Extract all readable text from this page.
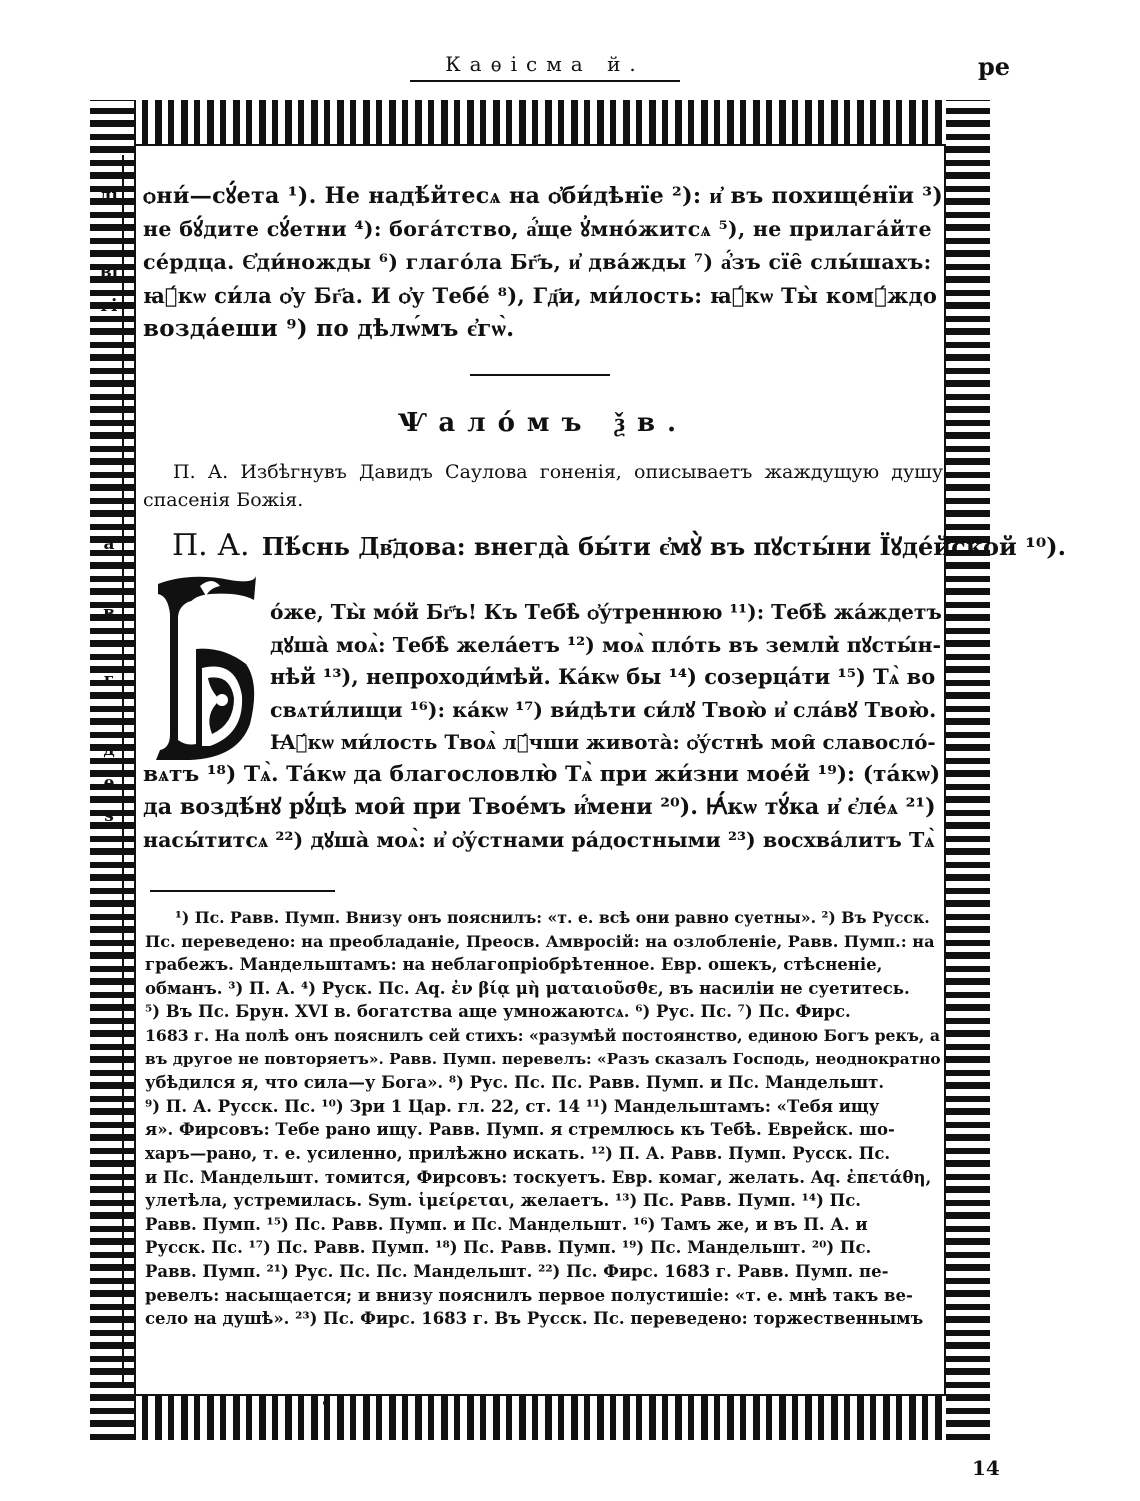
Каѳісма й.	ре
ді
ві
гі
а
в
г
д
е
ѕ
ѻни́—сꙋ́ета ¹). Не надѣ́йтесѧ на ѻ҆би́дѣнїе ²): и҆ въ похище́нїи ³)
не бꙋ́дите сꙋ́етни ⁴): бога́тство, а҆́ще ꙋ҆мно́житсѧ ⁵), не прилага́йте
се́рдца. Є҆ди́ножды ⁶) глаго́ла Бг҃ъ, и҆ два́жды ⁷) а҆́зъ сїе̑ слы́шахъ:
ꙗ҆́кѡ си́ла ѻ҆у Бг҃а. И ѻ҆у Тебе́ ⁸), Гд҃и, ми́лость: ꙗ҆́кѡ Ты̀ комꙋ́ждо
возда́еши ⁹) по дѣлѡ́мъ є҆гѡ̀.
Ѱало́мъ ѯв.
П. А. Избѣгнувъ Давидъ Саулова гоненія, описываетъ жаждущую душу спасенія Божія.
П. А. Пѣ́снь Дв҃дова: внегда̀ бы́ти є҆мꙋ̀ въ пꙋсты́ни Їꙋде́йской ¹⁰).
о́же, Ты̀ мо́й Бг҃ъ! Къ Тебѣ̀ ѻ҆у́треннюю ¹¹): Тебѣ̀ жа́ждетъ
дꙋша̀ моѧ̀: Тебѣ̀ жела́етъ ¹²) моѧ̀ пло́ть въ земли̇̀ пꙋсты́н-
нѣй ¹³), непроходи́мѣй. Ка́кѡ бы ¹⁴) созерца́ти ¹⁵) Тѧ̀ во
свѧти́лищи ¹⁶): ка́кѡ ¹⁷) ви́дѣти си́лꙋ Твою̀ и҆ сла́вꙋ Твою̀.
Ꙗ҆́кѡ ми́лость Твоѧ̀ лꙋ́чши живота̀: ѻ҆у́стнѣ мои̑ славосло́-
вѧтъ ¹⁸) Тѧ̀. Та́кѡ да благословлю̀ Тѧ̀ при жи́зни мое́й ¹⁹): (та́кѡ)
да воздѣ́нꙋ рꙋ́цѣ мои̑ при Твое́мъ и҆́мени ²⁰). Ꙗ҆́кѡ тꙋ́ка и҆ є҆ле́ѧ ²¹)
насы́титсѧ ²²) дꙋша̀ моѧ̀: и҆ ѻ҆у́стнами ра́достными ²³) восхва́литъ Тѧ̀
¹) Пс. Равв. Пумп. Внизу онъ пояснилъ: «т. е. всѣ они равно суетны». ²) Въ Русск.
Пс. переведено: на преобладаніе, Преосв. Амвросій: на озлобленіе, Равв. Пумп.: на
грабежъ. Мандельштамъ: на неблагопріобрѣтенное. Евр. ошекъ, стѣсненіе,
обманъ. ³) П. А. ⁴) Руск. Пс. Aq. ἐν βίᾳ μὴ ματαιοῦσθε, въ насиліи не суетитесь.
⁵) Въ Пс. Брун. XVI в. богатства аще умножаютсѧ. ⁶) Рус. Пс. ⁷) Пс. Фирс.
1683 г. На полѣ онъ пояснилъ сей стихъ: «разумѣй постоянство, единою Богъ рекъ, а
въ другое не повторяетъ». Равв. Пумп. перевелъ: «Разъ сказалъ Господь, неоднократно
убѣдился я, что сила—у Бога». ⁸) Рус. Пс. Пс. Равв. Пумп. и Пс. Мандельшт.
⁹) П. А. Русск. Пс. ¹⁰) Зри 1 Цар. гл. 22, ст. 14 ¹¹) Мандельштамъ: «Тебя ищу
я». Фирсовъ: Тебе рано ищу. Равв. Пумп. я стремлюсь къ Тебѣ. Еврейск. шо-
харъ—рано, т. е. усиленно, прилѣжно искать. ¹²) П. А. Равв. Пумп. Русск. Пс.
и Пс. Мандельшт. томится, Фирсовъ: тоскуетъ. Евр. комаг, желать. Aq. ἐπετάθη,
улетѣла, устремилась. Sym. ἱμείρεται, желаетъ. ¹³) Пс. Равв. Пумп. ¹⁴) Пс.
Равв. Пумп. ¹⁵) Пс. Равв. Пумп. и Пс. Мандельшт. ¹⁶) Тамъ же, и въ П. А. и
Русск. Пс. ¹⁷) Пс. Равв. Пумп. ¹⁸) Пс. Равв. Пумп. ¹⁹) Пс. Мандельшт. ²⁰) Пс.
Равв. Пумп. ²¹) Рус. Пс. Пс. Мандельшт. ²²) Пс. Фирс. 1683 г. Равв. Пумп. пе-
ревелъ: насыщается; и внизу пояснилъ первое полустишіе: «т. е. мнѣ такъ ве-
село на душѣ». ²³) Пс. Фирс. 1683 г. Въ Русск. Пс. переведено: торжественнымъ
14
